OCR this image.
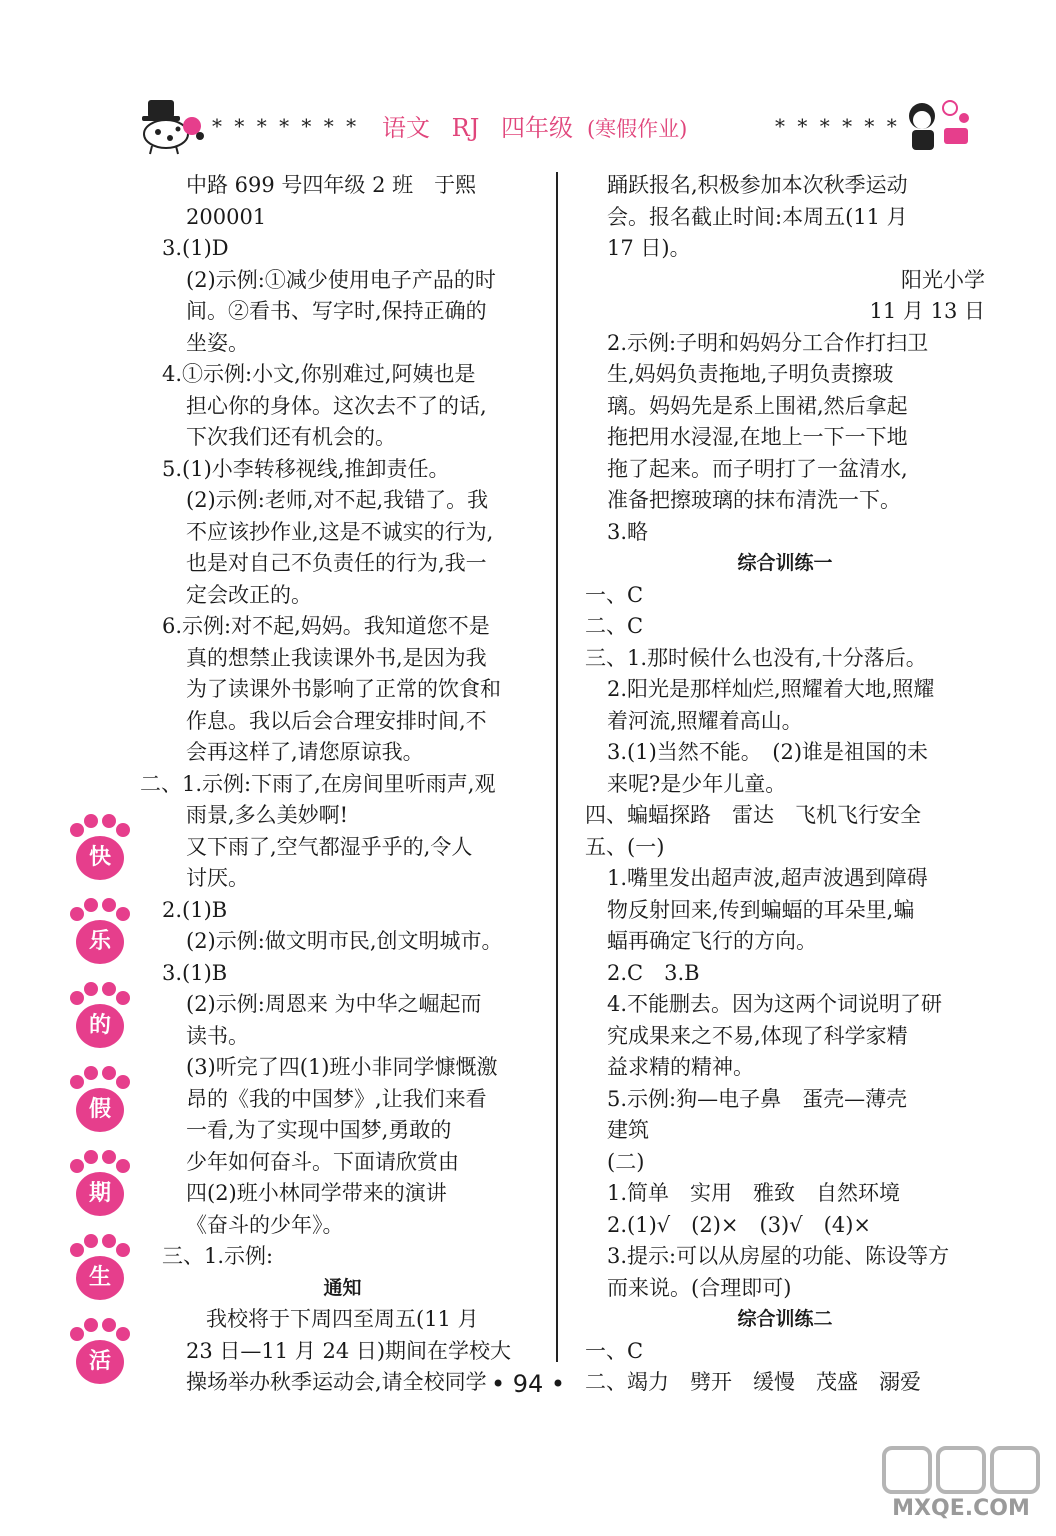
* * * * * * * 语文 RJ 四年级 (寒假作业)	* * * * * *
中路 699 号四年级 2 班　于熙
200001
3.(1)D
(2)示例:①减少使用电子产品的时
间。②看书、写字时,保持正确的
坐姿。
4.①示例:小文,你别难过,阿姨也是
担心你的身体。这次去不了的话,
下次我们还有机会的。
5.(1)小李转移视线,推卸责任。
(2)示例:老师,对不起,我错了。我
不应该抄作业,这是不诚实的行为,
也是对自己不负责任的行为,我一
定会改正的。
6.示例:对不起,妈妈。我知道您不是
真的想禁止我读课外书,是因为我
为了读课外书影响了正常的饮食和
作息。我以后会合理安排时间,不
会再这样了,请您原谅我。
二、1.示例:下雨了,在房间里听雨声,观
雨景,多么美妙啊!
又下雨了,空气都湿乎乎的,令人
讨厌。
2.(1)B
(2)示例:做文明市民,创文明城市。
3.(1)B
(2)示例:周恩来 为中华之崛起而
读书。
(3)听完了四(1)班小非同学慷慨激
昂的《我的中国梦》,让我们来看
一看,为了实现中国梦,勇敢的
少年如何奋斗。下面请欣赏由
四(2)班小林同学带来的演讲
《奋斗的少年》。
三、1.示例:
通知
我校将于下周四至周五(11 月
23 日—11 月 24 日)期间在学校大
操场举办秋季运动会,请全校同学
踊跃报名,积极参加本次秋季运动
会。报名截止时间:本周五(11 月
17 日)。
阳光小学
11 月 13 日
2.示例:子明和妈妈分工合作打扫卫
生,妈妈负责拖地,子明负责擦玻
璃。妈妈先是系上围裙,然后拿起
拖把用水浸湿,在地上一下一下地
拖了起来。而子明打了一盆清水,
准备把擦玻璃的抹布清洗一下。
3.略
综合训练一
一、C
二、C
三、1.那时候什么也没有,十分落后。
2.阳光是那样灿烂,照耀着大地,照耀
着河流,照耀着高山。
3.(1)当然不能。　(2)谁是祖国的未
来呢?是少年儿童。
四、蝙蝠探路　雷达　飞机飞行安全
五、(一)
1.嘴里发出超声波,超声波遇到障碍
物反射回来,传到蝙蝠的耳朵里,蝙
蝠再确定飞行的方向。
2.C　3.B
4.不能删去。因为这两个词说明了研
究成果来之不易,体现了科学家精
益求精的精神。
5.示例:狗—电子鼻　蛋壳—薄壳
建筑
(二)
1.简单　实用　雅致　自然环境
2.(1)√　(2)×　(3)√　(4)×
3.提示:可以从房屋的功能、陈设等方
而来说。(合理即可)
综合训练二
一、C
二、竭力　劈开　缓慢　茂盛　溺爱
快
乐
的
假
期
生
活
• 94 •
MXQE.COM
